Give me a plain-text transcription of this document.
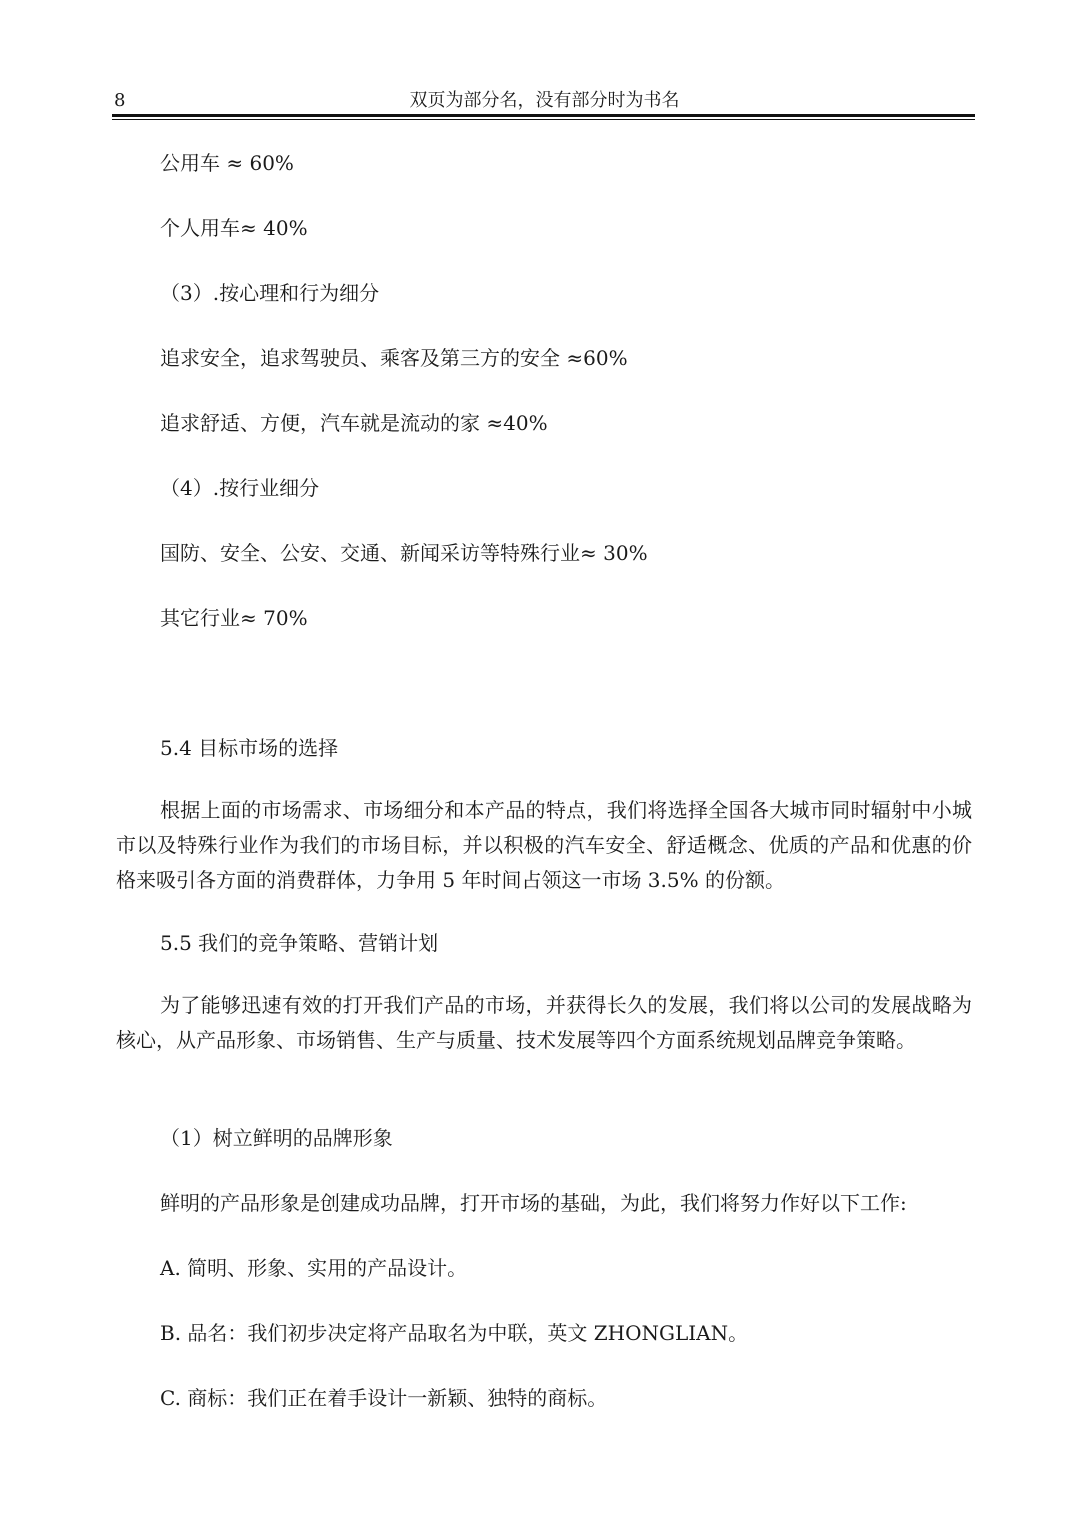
8	双页为部分名，没有部分时为书名
公用车 ≈ 60%
个人用车≈ 40%
（3）.按心理和行为细分
追求安全，追求驾驶员、乘客及第三方的安全 ≈60%
追求舒适、方便，汽车就是流动的家 ≈40%
（4）.按行业细分
国防、安全、公安、交通、新闻采访等特殊行业≈ 30%
其它行业≈ 70%
5.4 目标市场的选择
根据上面的市场需求、市场细分和本产品的特点，我们将选择全国各大城市同时辐射中小城市以及特殊行业作为我们的市场目标，并以积极的汽车安全、舒适概念、优质的产品和优惠的价格来吸引各方面的消费群体，力争用 5 年时间占领这一市场 3.5% 的份额。
5.5 我们的竞争策略、营销计划
为了能够迅速有效的打开我们产品的市场，并获得长久的发展，我们将以公司的发展战略为核心，从产品形象、市场销售、生产与质量、技术发展等四个方面系统规划品牌竞争策略。
（1）树立鲜明的品牌形象
鲜明的产品形象是创建成功品牌，打开市场的基础，为此，我们将努力作好以下工作:
A. 简明、形象、实用的产品设计。
B. 品名：我们初步决定将产品取名为中联，英文 ZHONGLIAN。
C. 商标：我们正在着手设计一新颖、独特的商标。
